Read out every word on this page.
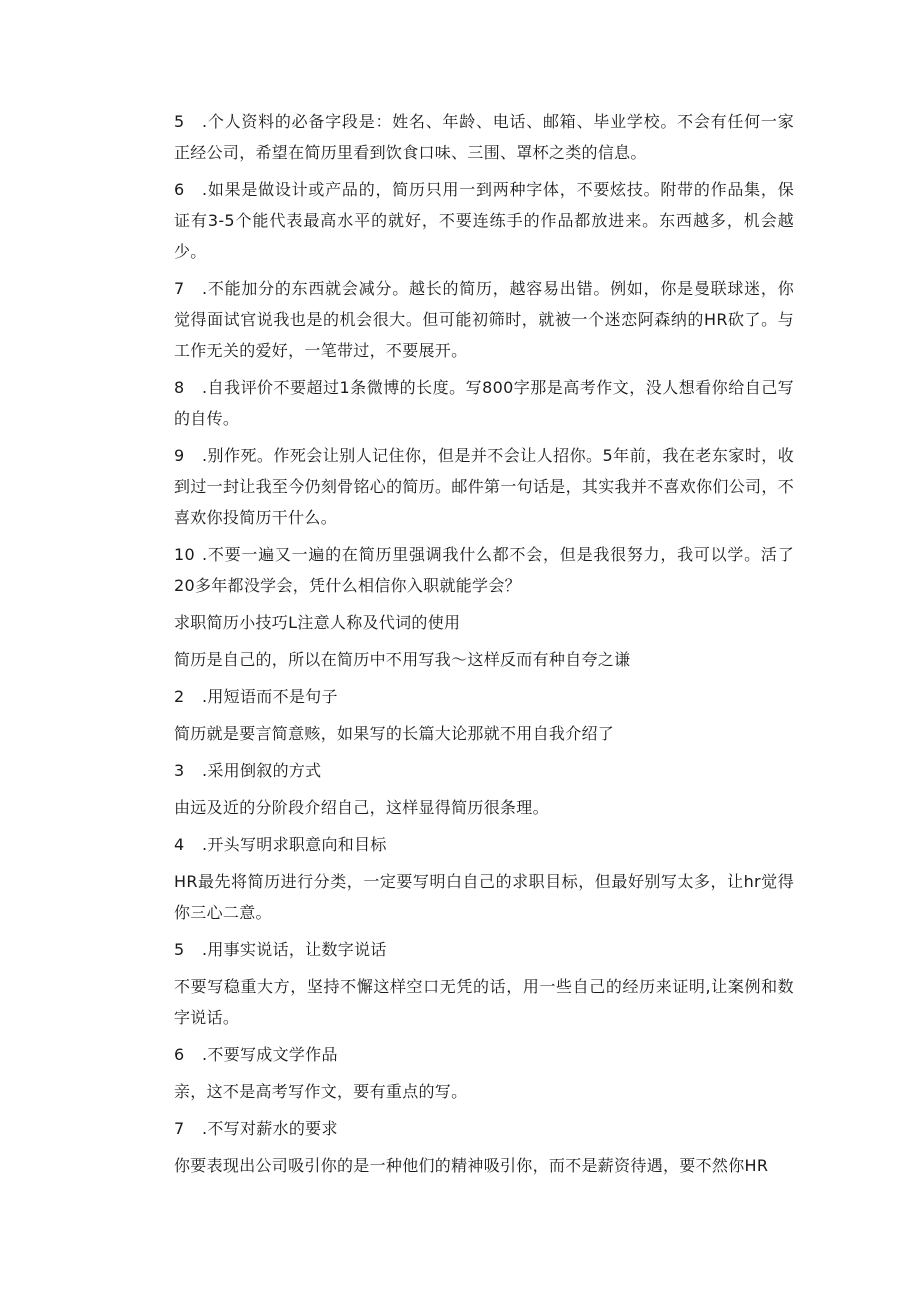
5 .个人资料的必备字段是：姓名、年龄、电话、邮箱、毕业学校。不会有任何一家正经公司，希望在简历里看到饮食口味、三围、罩杯之类的信息。

6 .如果是做设计或产品的，简历只用一到两种字体，不要炫技。附带的作品集，保证有3-5个能代表最高水平的就好，不要连练手的作品都放进来。东西越多，机会越少。

7 .不能加分的东西就会减分。越长的简历，越容易出错。例如，你是曼联球迷，你觉得面试官说我也是的机会很大。但可能初筛时，就被一个迷恋阿森纳的HR砍了。与工作无关的爱好，一笔带过，不要展开。

8 .自我评价不要超过1条微博的长度。写800字那是高考作文，没人想看你给自己写的自传。

9 .别作死。作死会让别人记住你，但是并不会让人招你。5年前，我在老东家时，收到过一封让我至今仍刻骨铭心的简历。邮件第一句话是，其实我并不喜欢你们公司，不喜欢你投简历干什么。

10 .不要一遍又一遍的在简历里强调我什么都不会，但是我很努力，我可以学。活了20多年都没学会，凭什么相信你入职就能学会？

求职简历小技巧L注意人称及代词的使用

简历是自己的，所以在简历中不用写我～这样反而有种自夸之谦

2 .用短语而不是句子

简历就是要言简意赅，如果写的长篇大论那就不用自我介绍了

3 .采用倒叙的方式

由远及近的分阶段介绍自己，这样显得简历很条理。

4 .开头写明求职意向和目标

HR最先将简历进行分类，一定要写明白自己的求职目标，但最好别写太多，让hr觉得你三心二意。

5 .用事实说话，让数字说话

不要写稳重大方，坚持不懈这样空口无凭的话，用一些自己的经历来证明,让案例和数字说话。

6 .不要写成文学作品

亲，这不是高考写作文，要有重点的写。

7 .不写对薪水的要求

你要表现出公司吸引你的是一种他们的精神吸引你，而不是薪资待遇，要不然你HR
